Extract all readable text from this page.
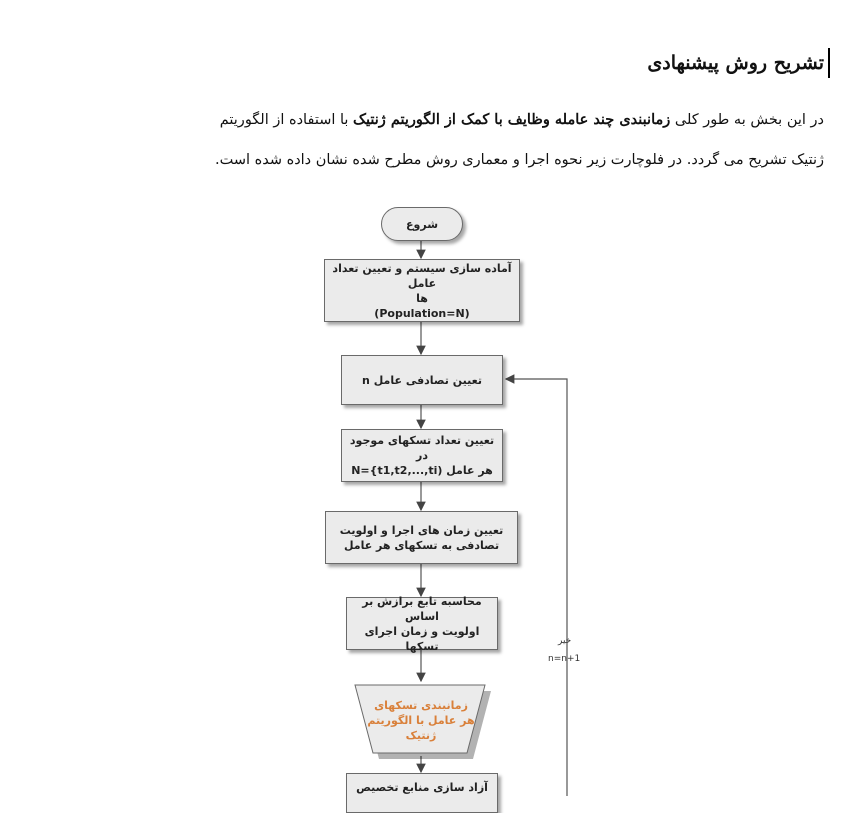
تشریح روش پیشنهادی
در این بخش به طور کلی زمانبندی چند عامله وظایف با کمک از الگوریتم ژنتیک با استفاده از الگوریتم
ژنتیک تشریح می گردد. در فلوچارت زیر نحوه اجرا و معماری روش مطرح شده نشان داده شده است.
شروع
آماده سازی سیستم و تعیین تعداد عامل
ها
(Population=N)
تعیین تصادفی عامل n
تعیین تعداد تسکهای موجود در
هر عامل (N={t1,t2,...,ti
تعیین زمان های اجرا و اولویت
تصادفی به تسکهای هر عامل
محاسبه تابع برازش بر اساس
اولویت و زمان اجرای تسکها
زمانبندی تسکهای
هر عامل با الگوریتم
ژنتیک
آزاد سازی منابع تخصیص
خیر
n=n+1
